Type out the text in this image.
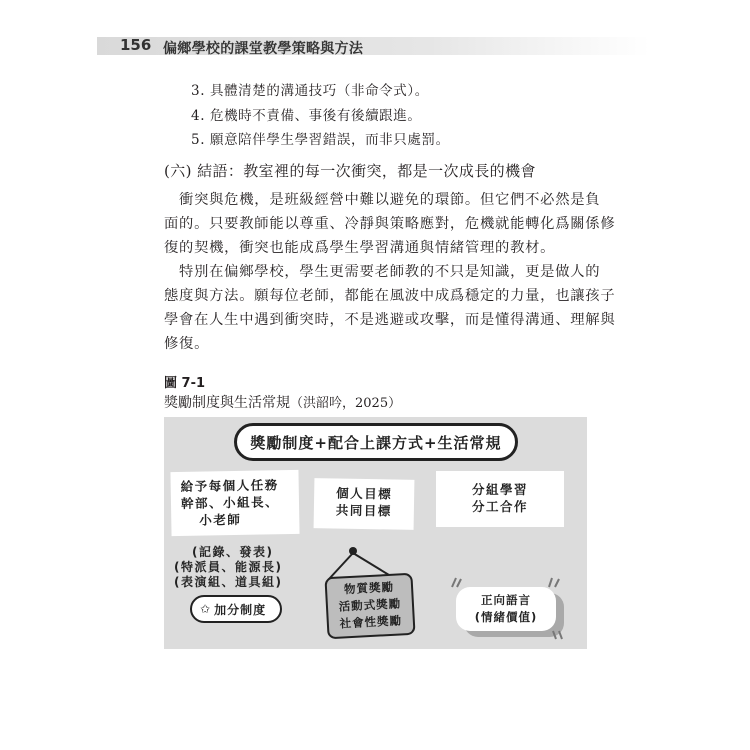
156 偏鄉學校的課堂教學策略與方法
3. 具體清楚的溝通技巧（非命令式）。
4. 危機時不責備、事後有後續跟進。
5. 願意陪伴學生學習錯誤，而非只處罰。
(六) 結語：教室裡的每一次衝突，都是一次成長的機會
　衝突與危機，是班級經營中難以避免的環節。但它們不必然是負
面的。只要教師能以尊重、冷靜與策略應對，危機就能轉化爲關係修
復的契機，衝突也能成爲學生學習溝通與情緒管理的教材。
　特別在偏鄉學校，學生更需要老師教的不只是知識，更是做人的
態度與方法。願每位老師，都能在風波中成爲穩定的力量，也讓孩子
學會在人生中遇到衝突時，不是逃避或攻擊，而是懂得溝通、理解與
修復。
圖 7-1
獎勵制度與生活常規（洪韶吟，2025）
獎勵制度+配合上課方式+生活常規
給予每個人任務
幹部、小組長、
小老師
個人目標
共同目標
分組學習
分工合作
(記錄、發表)
(特派員、能源長)
(表演組、道具組)
✩ 加分制度
物質獎勵
活動式獎勵
社會性獎勵
正向語言
(情緒價值)
